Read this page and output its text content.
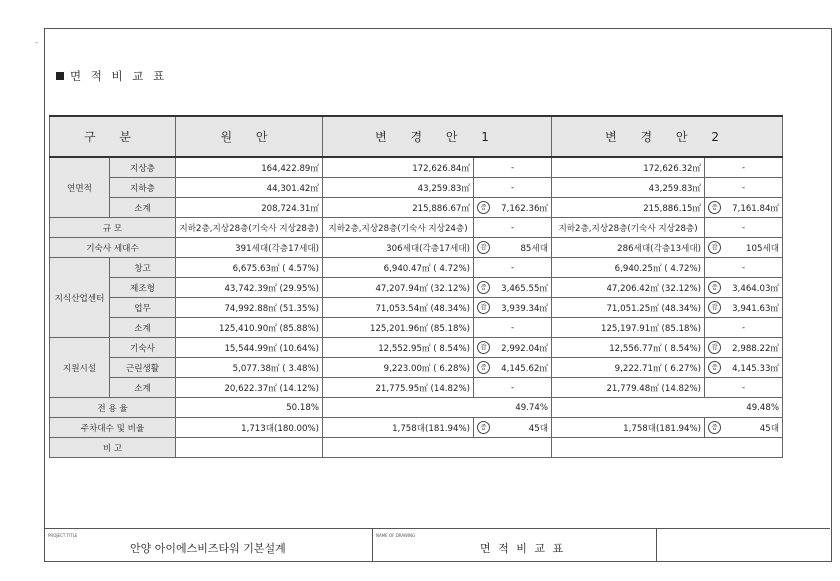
-
면 적 비 교 표
구 분		원 안	변 경 안 1		변 경 안 2	
연면적	지상층	164,422.89㎡	172,626.84㎡	-	172,626.32㎡	-
	지하층	44,301.42㎡	43,259.83㎡	-	43,259.83㎡	-
	소계	208,724.31㎡	215,886.67㎡	증 7,162.36㎡	215,886.15㎡	증 7,161.84㎡

규 모		지하2층,지상28층(기숙사 지상28층)	지하2층,지상28층(기숙사 지상24층)	-	지하2층,지상28층(기숙사 지상28층)	-
기숙사 세대수		391세대(각층17세대)	306세대(각층17세대)	감 85세대	286세대(각층13세대)	감 105세대

지식산업센터	창고	6,675.63㎡ ( 4.57%)	6,940.47㎡ ( 4.72%)	-	6,940.25㎡ ( 4.72%)	-
	제조형	43,742.39㎡ (29.95%)	47,207.94㎡ (32.12%)	증 3,465.55㎡	47,206.42㎡ (32.12%)	증 3,464.03㎡

	업무	74,992.88㎡ (51.35%)	71,053.54㎡ (48.34%)	감 3,939.34㎡	71,051.25㎡ (48.34%)	감 3,941.63㎡

	소계	125,410.90㎡ (85.88%)	125,201.96㎡ (85.18%)	-	125,197.91㎡ (85.18%)	-
지원시설	기숙사	15,544.99㎡ (10.64%)	12,552.95㎡ ( 8.54%)	감 2,992.04㎡	12,556.77㎡ ( 8.54%)	감 2,988.22㎡

	근린생활	5,077.38㎡ ( 3.48%)	9,223.00㎡ ( 6.28%)	증 4,145.62㎡	9,222.71㎡ ( 6.27%)	증 4,145.33㎡

	소계	20,622.37㎡ (14.12%)	21,775.95㎡ (14.82%)	-	21,779.48㎡ (14.82%)	-
전 용 율		50.18%	49.74%		49.48%	
주차대수 및 비율		1,713대(180.00%)	1,758대(181.94%)	증 45대	1,758대(181.94%)	증 45대

비 고						
PROJECT TITLE
안양 아이에스비즈타워 기본설계
NAME OF DRAWING
면 적 비 교 표
